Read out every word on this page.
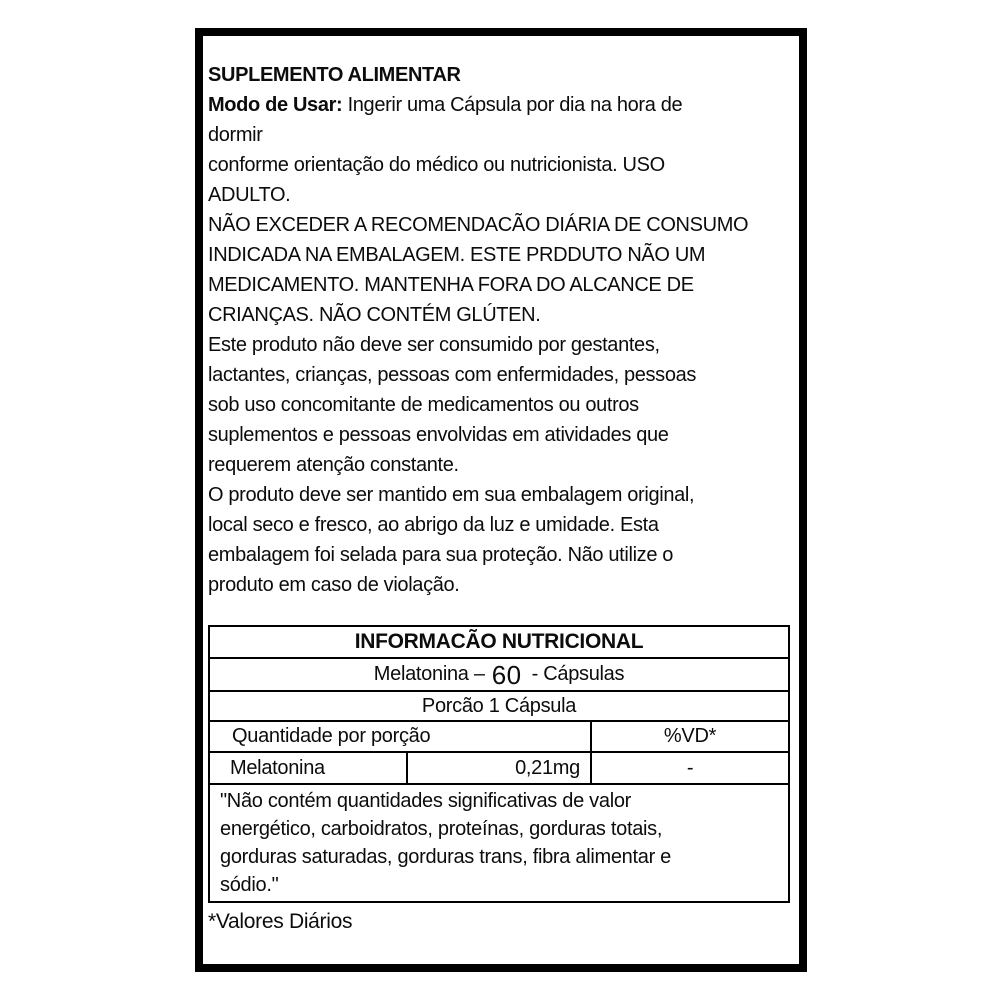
SUPLEMENTO ALIMENTAR
Modo de Usar: Ingerir uma Cápsula por dia na hora de
dormir
conforme orientação do médico ou nutricionista. USO
ADULTO.
NÃO EXCEDER A RECOMENDACÃO DIÁRIA DE CONSUMO
INDICADA NA EMBALAGEM. ESTE PRDDUTO NÃO UM
MEDICAMENTO. MANTENHA FORA DO ALCANCE DE
CRIANÇAS. NÃO CONTÉM GLÚTEN.
Este produto não deve ser consumido por gestantes,
lactantes, crianças, pessoas com enfermidades, pessoas
sob uso concomitante de medicamentos ou outros
suplementos e pessoas envolvidas em atividades que
requerem atenção constante.
O produto deve ser mantido em sua embalagem original,
local seco e fresco, ao abrigo da luz e umidade. Esta
embalagem foi selada para sua proteção. Não utilize o
produto em caso de violação.
INFORMACÃO NUTRICIONAL
Melatonina – 60 - Cápsulas
Porcão 1 Cápsula
Quantidade por porção	%VD*
Melatonina	0,21mg	-
"Não contém quantidades significativas de valor
energético, carboidratos, proteínas, gorduras totais,
gorduras saturadas, gorduras trans, fibra alimentar e
sódio."
*Valores Diários
